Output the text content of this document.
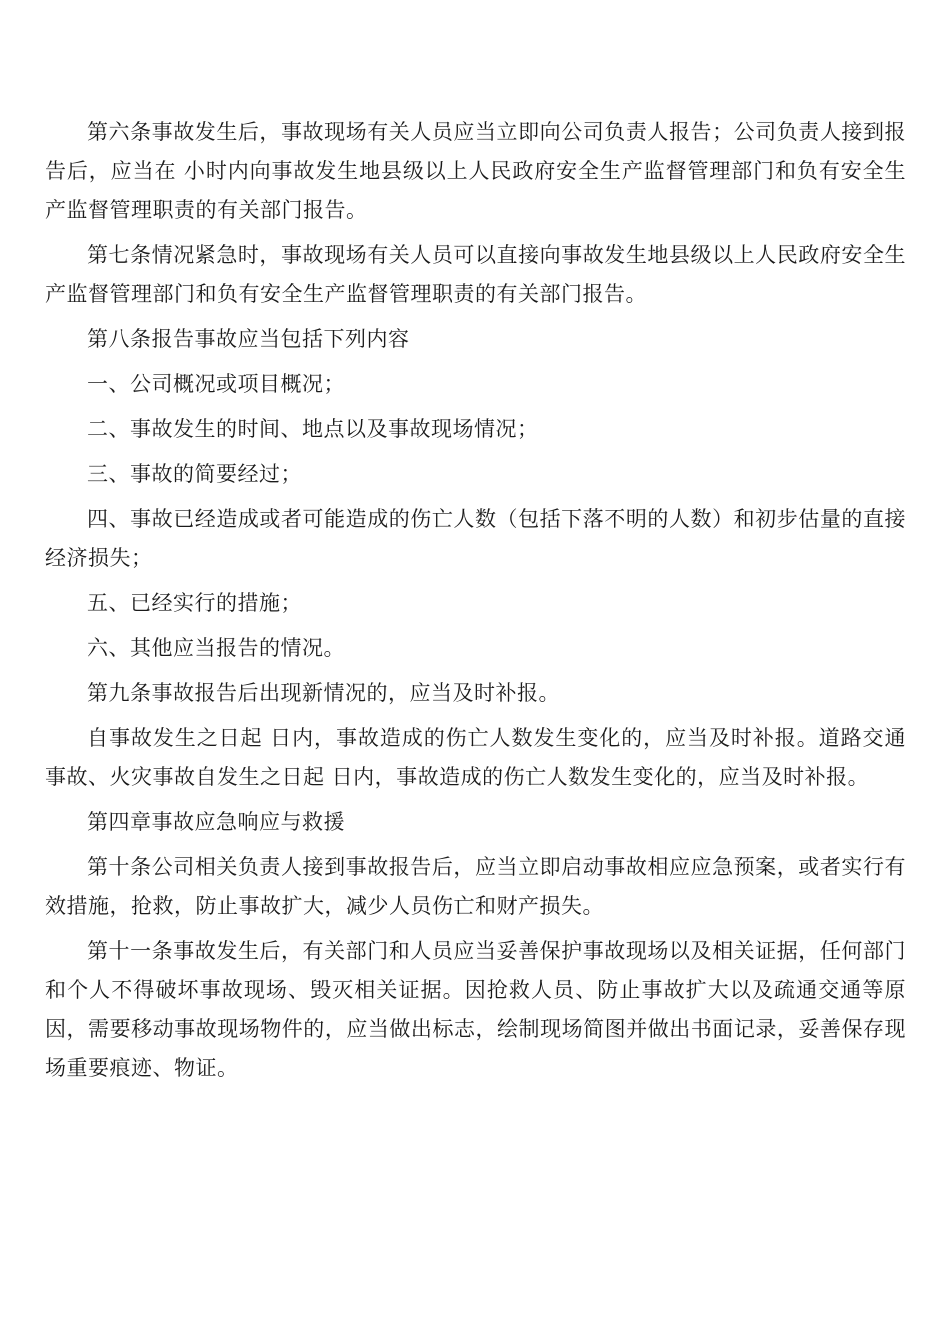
第六条事故发生后，事故现场有关人员应当立即向公司负责人报告；公司负责人接到报告后，应当在 小时内向事故发生地县级以上人民政府安全生产监督管理部门和负有安全生产监督管理职责的有关部门报告。

第七条情况紧急时，事故现场有关人员可以直接向事故发生地县级以上人民政府安全生产监督管理部门和负有安全生产监督管理职责的有关部门报告。

第八条报告事故应当包括下列内容

一、公司概况或项目概况；

二、事故发生的时间、地点以及事故现场情况；

三、事故的简要经过；

四、事故已经造成或者可能造成的伤亡人数（包括下落不明的人数）和初步估量的直接经济损失；

五、已经实行的措施；

六、其他应当报告的情况。

第九条事故报告后出现新情况的，应当及时补报。

自事故发生之日起 日内，事故造成的伤亡人数发生变化的，应当及时补报。道路交通事故、火灾事故自发生之日起 日内，事故造成的伤亡人数发生变化的，应当及时补报。

第四章事故应急响应与救援

第十条公司相关负责人接到事故报告后，应当立即启动事故相应应急预案，或者实行有效措施，抢救，防止事故扩大，减少人员伤亡和财产损失。

第十一条事故发生后，有关部门和人员应当妥善保护事故现场以及相关证据，任何部门和个人不得破坏事故现场、毁灭相关证据。因抢救人员、防止事故扩大以及疏通交通等原因，需要移动事故现场物件的，应当做出标志，绘制现场简图并做出书面记录，妥善保存现场重要痕迹、物证。
